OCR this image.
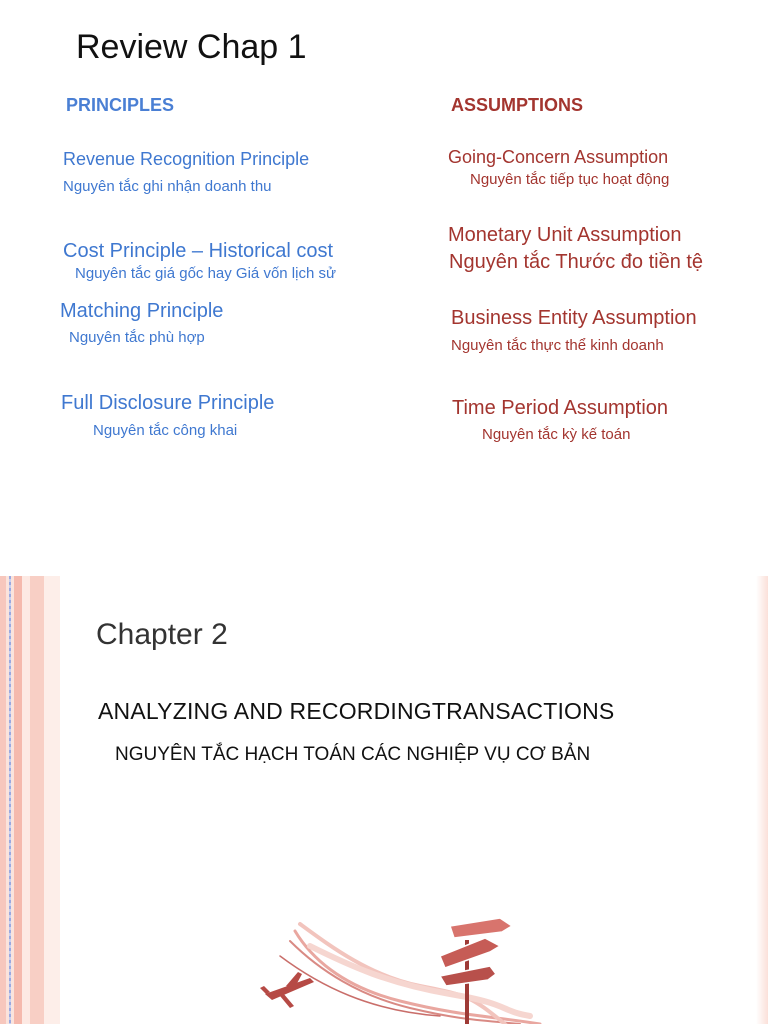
Review Chap 1

PRINCIPLES	ASSUMPTIONS

Revenue Recognition Principle

Nguyên tắc ghi nhận doanh thu

Cost Principle – Historical cost

Nguyên tắc giá gốc hay Giá vốn lịch sử

Matching Principle

Nguyên tắc phù hợp

Full Disclosure Principle

Nguyên tắc công khai

Going-Concern Assumption

Nguyên tắc tiếp tục hoạt động

Monetary Unit Assumption

Nguyên tắc Thước đo tiền tệ

Business Entity Assumption

Nguyên tắc thực thể kinh doanh

Time Period Assumption

Nguyên tắc kỳ kế toán

Chapter 2

ANALYZING AND RECORDINGTRANSACTIONS

NGUYÊN TẮC HẠCH TOÁN CÁC NGHIỆP VỤ CƠ BẢN
